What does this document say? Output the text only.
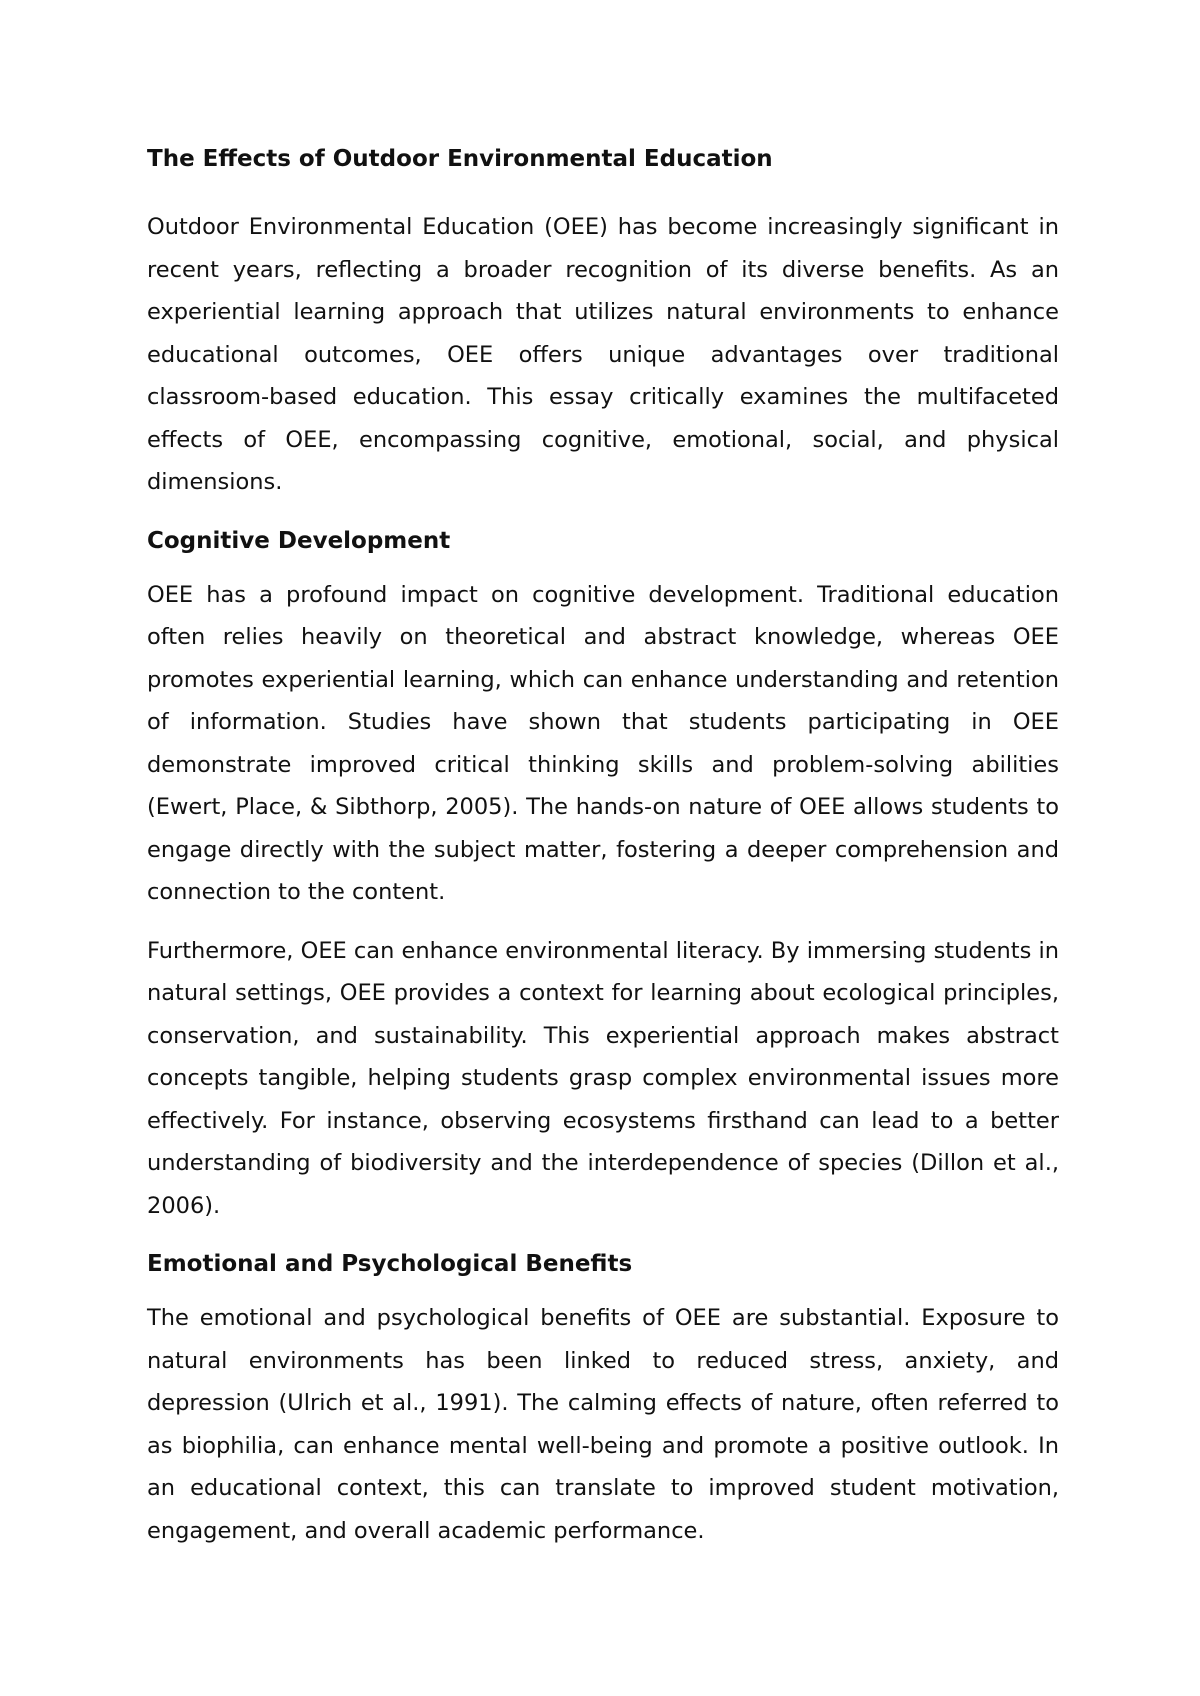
The Effects of Outdoor Environmental Education

Outdoor Environmental Education (OEE) has become increasingly significant in recent years, reflecting a broader recognition of its diverse benefits. As an experiential learning approach that utilizes natural environments to enhance educational outcomes, OEE offers unique advantages over traditional classroom-based education. This essay critically examines the multifaceted effects of OEE, encompassing cognitive, emotional, social, and physical dimensions.

Cognitive Development

OEE has a profound impact on cognitive development. Traditional education often relies heavily on theoretical and abstract knowledge, whereas OEE promotes experiential learning, which can enhance understanding and retention of information. Studies have shown that students participating in OEE demonstrate improved critical thinking skills and problem-solving abilities (Ewert, Place, & Sibthorp, 2005). The hands-on nature of OEE allows students to engage directly with the subject matter, fostering a deeper comprehension and connection to the content.

Furthermore, OEE can enhance environmental literacy. By immersing students in natural settings, OEE provides a context for learning about ecological principles, conservation, and sustainability. This experiential approach makes abstract concepts tangible, helping students grasp complex environmental issues more effectively. For instance, observing ecosystems firsthand can lead to a better understanding of biodiversity and the interdependence of species (Dillon et al., 2006).

Emotional and Psychological Benefits

The emotional and psychological benefits of OEE are substantial. Exposure to natural environments has been linked to reduced stress, anxiety, and depression (Ulrich et al., 1991). The calming effects of nature, often referred to as biophilia, can enhance mental well-being and promote a positive outlook. In an educational context, this can translate to improved student motivation, engagement, and overall academic performance.
